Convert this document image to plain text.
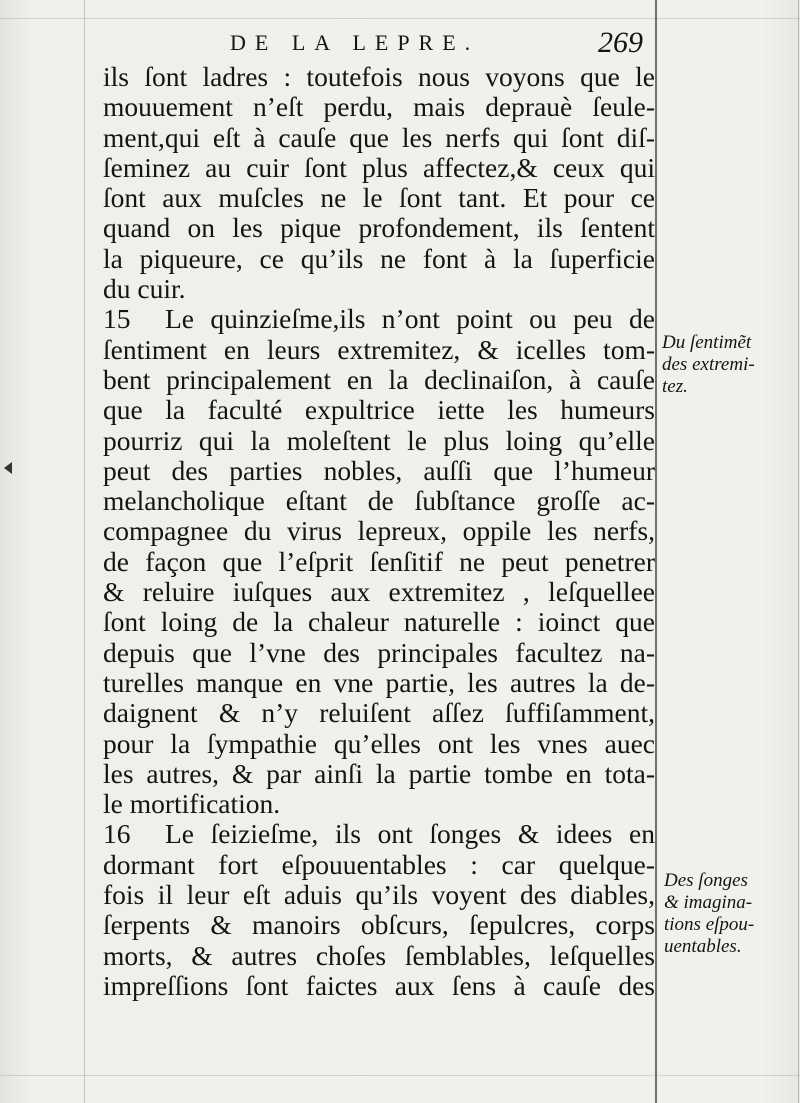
DE LA LEPRE.	269
ils ſont ladres : toutefois nous voyons que le
mouuement n’eſt perdu, mais deprauè ſeule-
ment,qui eſt à cauſe que les nerfs qui ſont diſ-
ſeminez au cuir ſont plus affectez,& ceux qui
ſont aux muſcles ne le ſont tant. Et pour ce
quand on les pique profondement, ils ſentent
la piqueure, ce qu’ils ne font à la ſuperficie
du cuir.
15	Le quinzieſme,ils n’ont point ou peu de
ſentiment en leurs extremitez, & icelles tom-
bent principalement en la declinaiſon, à cauſe
que la faculté expultrice iette les humeurs
pourriz qui la moleſtent le plus loing qu’elle
peut des parties nobles, auſſi que l’humeur
melancholique eſtant de ſubſtance groſſe ac-
compagnee du virus lepreux, oppile les nerfs,
de façon que l’eſprit ſenſitif ne peut penetrer
& reluire iuſques aux extremitez , leſquellee
ſont loing de la chaleur naturelle : ioinct que
depuis que l’vne des principales facultez na-
turelles manque en vne partie, les autres la de-
daignent & n’y reluiſent aſſez ſuffiſamment,
pour la ſympathie qu’elles ont les vnes auec
les autres, & par ainſi la partie tombe en tota-
le mortification.
16	Le ſeizieſme, ils ont ſonges & idees en
dormant fort eſpouuentables : car quelque-
fois il leur eſt aduis qu’ils voyent des diables,
ſerpents & manoirs obſcurs, ſepulcres, corps
morts, & autres choſes ſemblables, leſquelles
impreſſions ſont faictes aux ſens à cauſe des
Du ſentimẽt
des extremi-
tez.
Des ſonges
& imagina-
tions eſpou-
uentables.
